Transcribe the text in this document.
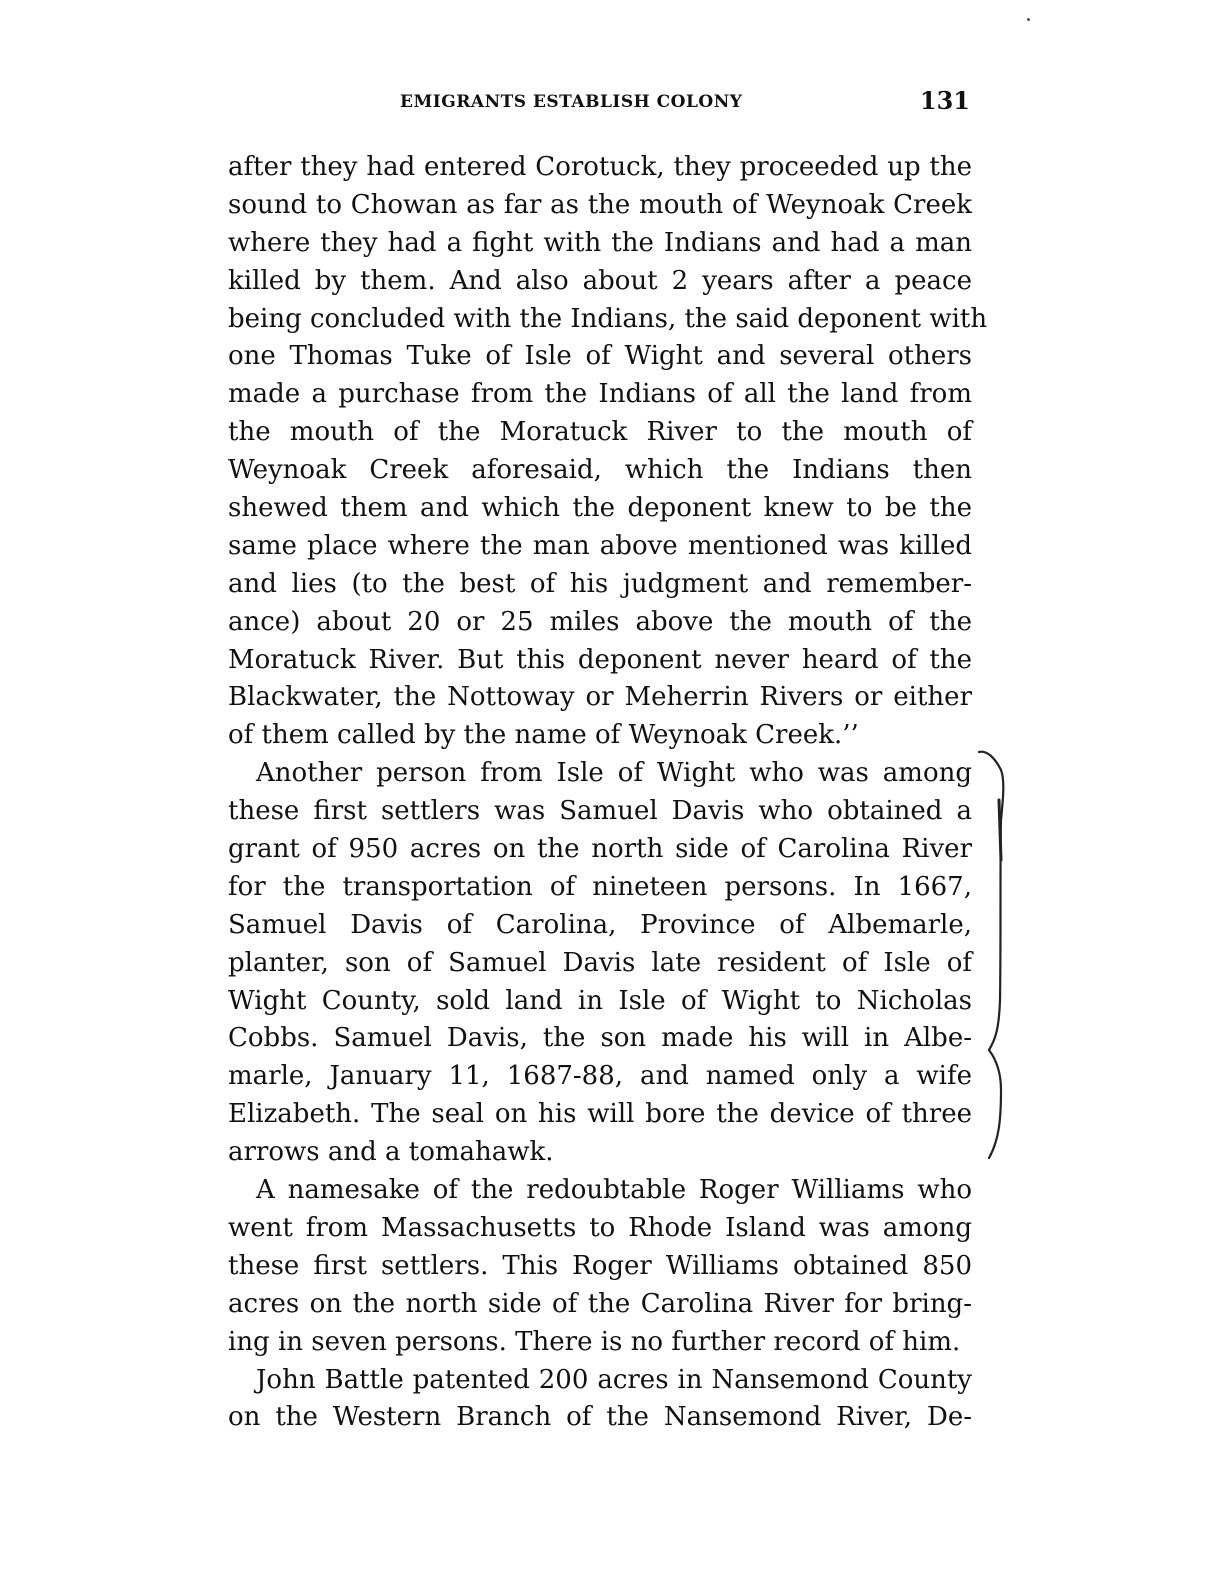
EMIGRANTS ESTABLISH COLONY	131
after they had entered Corotuck, they proceeded up the
sound to Chowan as far as the mouth of Weynoak Creek
where they had a fight with the Indians and had a man
killed by them. And also about 2 years after a peace
being concluded with the Indians, the said deponent with
one Thomas Tuke of Isle of Wight and several others
made a purchase from the Indians of all the land from
the mouth of the Moratuck River to the mouth of
Weynoak Creek aforesaid, which the Indians then
shewed them and which the deponent knew to be the
same place where the man above mentioned was killed
and lies (to the best of his judgment and remember-
ance) about 20 or 25 miles above the mouth of the
Moratuck River. But this deponent never heard of the
Blackwater, the Nottoway or Meherrin Rivers or either
of them called by the name of Weynoak Creek.’’
Another person from Isle of Wight who was among
these first settlers was Samuel Davis who obtained a
grant of 950 acres on the north side of Carolina River
for the transportation of nineteen persons. In 1667,
Samuel Davis of Carolina, Province of Albemarle,
planter, son of Samuel Davis late resident of Isle of
Wight County, sold land in Isle of Wight to Nicholas
Cobbs. Samuel Davis, the son made his will in Albe-
marle, January 11, 1687-88, and named only a wife
Elizabeth. The seal on his will bore the device of three
arrows and a tomahawk.
A namesake of the redoubtable Roger Williams who
went from Massachusetts to Rhode Island was among
these first settlers. This Roger Williams obtained 850
acres on the north side of the Carolina River for bring-
ing in seven persons. There is no further record of him.
John Battle patented 200 acres in Nansemond County
on the Western Branch of the Nansemond River, De-
